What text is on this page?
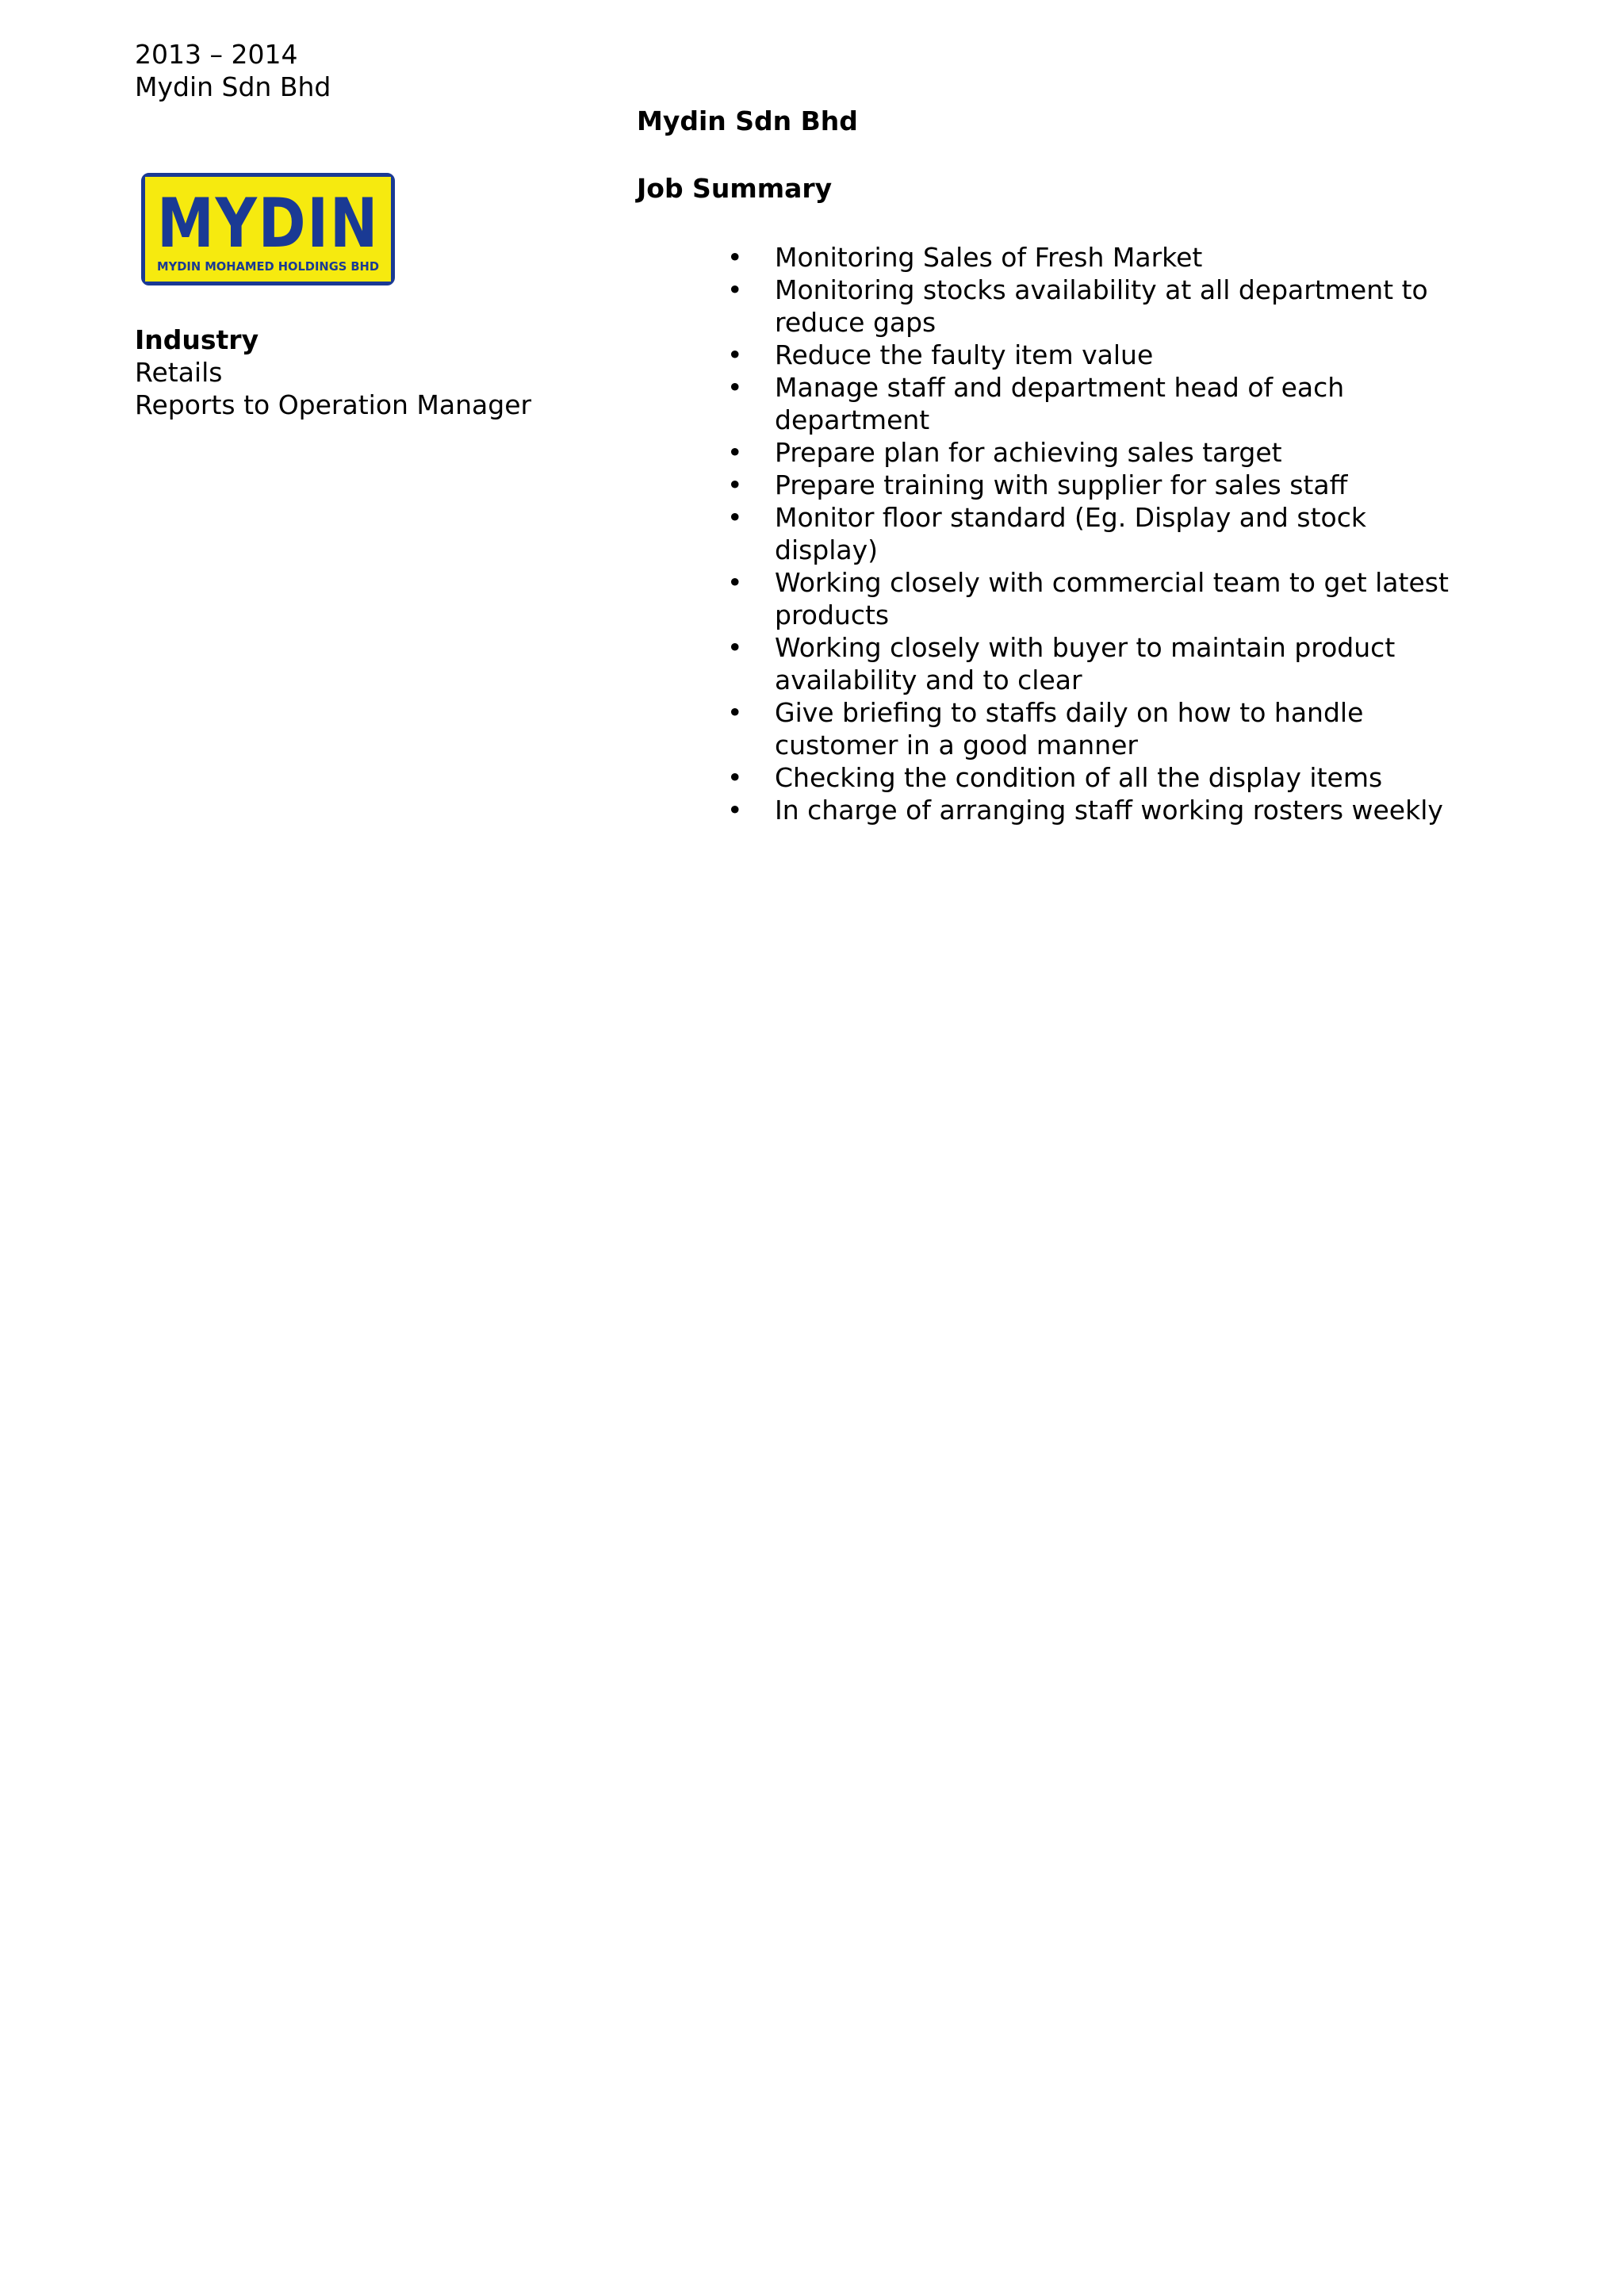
2013 – 2014
Mydin Sdn Bhd
MYDIN
MYDIN MOHAMED HOLDINGS BHD
Industry
Retails
Reports to Operation Manager
Mydin Sdn Bhd
Job Summary
• Monitoring Sales of Fresh Market
• Monitoring stocks availability at all department to reduce gaps
• Reduce the faulty item value
• Manage staff and department head of each department
• Prepare plan for achieving sales target
• Prepare training with supplier for sales staff
• Monitor floor standard (Eg. Display and stock display)
• Working closely with commercial team to get latest products
• Working closely with buyer to maintain product availability and to clear
• Give briefing to staffs daily on how to handle customer in a good manner
• Checking the condition of all the display items
• In charge of arranging staff working rosters weekly
